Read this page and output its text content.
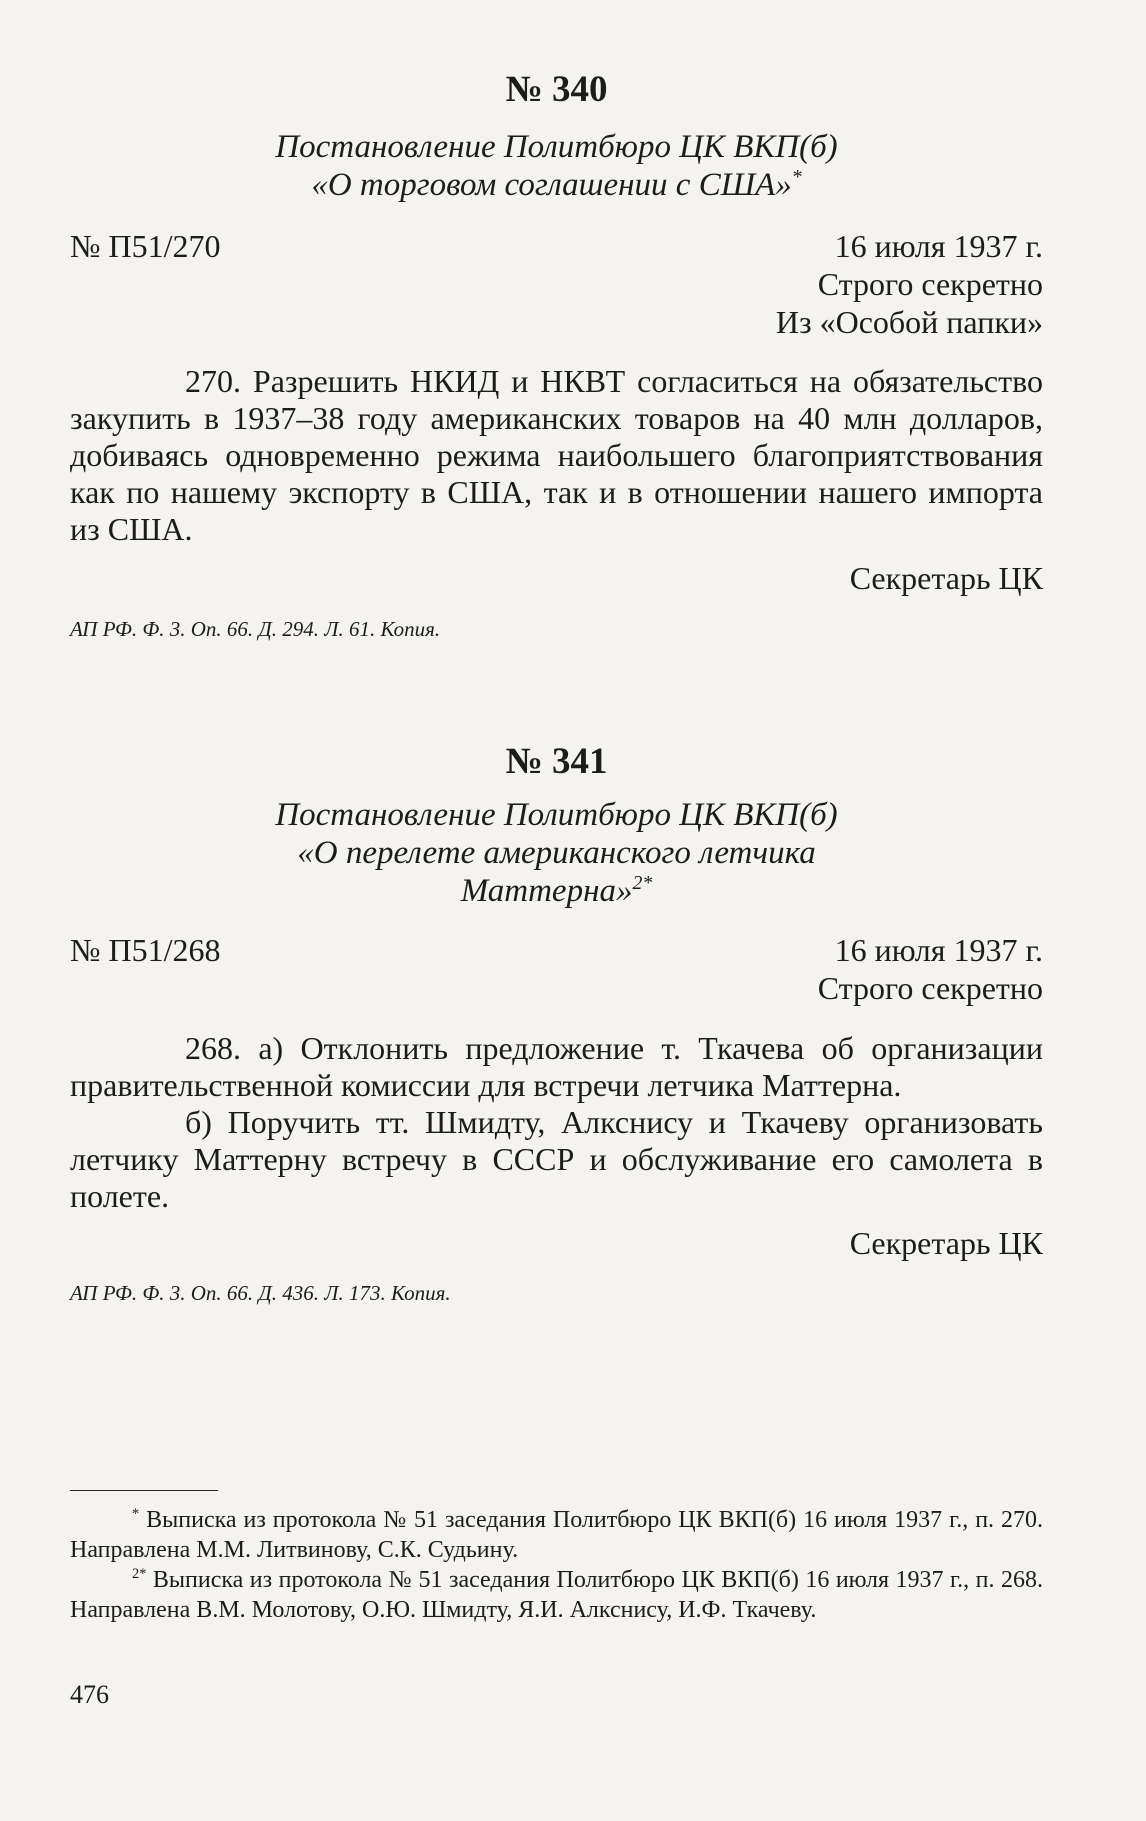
№ 340
Постановление Политбюро ЦК ВКП(б)
«О торговом соглашении с США»*
№ П51/270	16 июля 1937 г.
Строго секретно
Из «Особой папки»

270. Разрешить НКИД и НКВТ согласиться на обязательство закупить в 1937–38 году американских товаров на 40 млн долларов, добиваясь одновременно режима наибольшего благоприятствования как по нашему экспорту в США, так и в отношении нашего импорта из США.

Секретарь ЦК
АП РФ. Ф. 3. Оп. 66. Д. 294. Л. 61. Копия.
№ 341
Постановление Политбюро ЦК ВКП(б)
«О перелете американского летчика
Маттерна»$^{2*}$
№ П51/268	16 июля 1937 г.
Строго секретно

268. а) Отклонить предложение т. Ткачева об организации правительственной комиссии для встречи летчика Маттерна.

б) Поручить тт. Шмидту, Алкснису и Ткачеву организовать летчику Маттерну встречу в СССР и обслуживание его самолета в полете.

Секретарь ЦК
АП РФ. Ф. 3. Оп. 66. Д. 436. Л. 173. Копия.

* Выписка из протокола № 51 заседания Политбюро ЦК ВКП(б) 16 июля 1937 г., п. 270. Направлена М.М. Литвинову, С.К. Судьину.

$^{2*}$ Выписка из протокола № 51 заседания Политбюро ЦК ВКП(б) 16 июля 1937 г., п. 268. Направлена В.М. Молотову, О.Ю. Шмидту, Я.И. Алкснису, И.Ф. Ткачеву.

476
